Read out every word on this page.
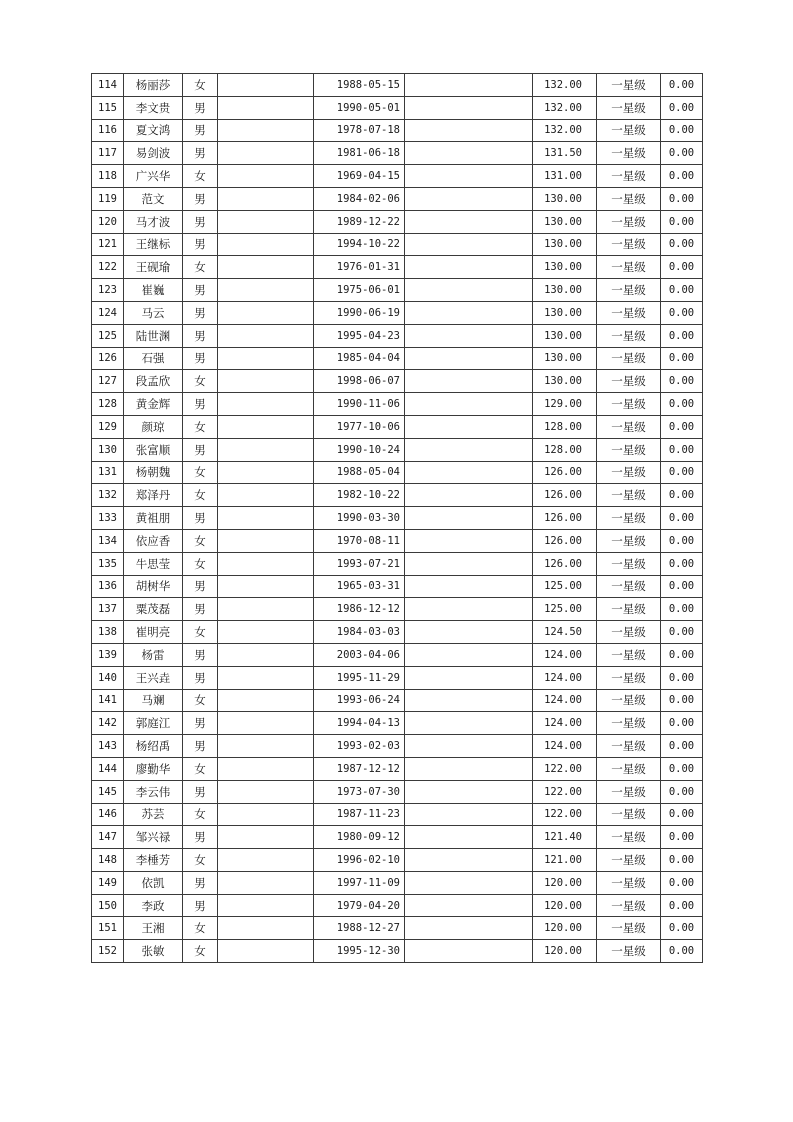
114	杨丽莎	女		1988-05-15		132.00	一星级	0.00
115	李文贵	男		1990-05-01		132.00	一星级	0.00
116	夏文鸿	男		1978-07-18		132.00	一星级	0.00
117	易剑波	男		1981-06-18		131.50	一星级	0.00
118	广兴华	女		1969-04-15		131.00	一星级	0.00
119	范文	男		1984-02-06		130.00	一星级	0.00
120	马才波	男		1989-12-22		130.00	一星级	0.00
121	王继标	男		1994-10-22		130.00	一星级	0.00
122	王砚瑜	女		1976-01-31		130.00	一星级	0.00
123	崔巍	男		1975-06-01		130.00	一星级	0.00
124	马云	男		1990-06-19		130.00	一星级	0.00
125	陆世渊	男		1995-04-23		130.00	一星级	0.00
126	石强	男		1985-04-04		130.00	一星级	0.00
127	段孟欣	女		1998-06-07		130.00	一星级	0.00
128	黄金辉	男		1990-11-06		129.00	一星级	0.00
129	颜琼	女		1977-10-06		128.00	一星级	0.00
130	张富顺	男		1990-10-24		128.00	一星级	0.00
131	杨朝魏	女		1988-05-04		126.00	一星级	0.00
132	郑泽丹	女		1982-10-22		126.00	一星级	0.00
133	黄祖朋	男		1990-03-30		126.00	一星级	0.00
134	依应香	女		1970-08-11		126.00	一星级	0.00
135	牛思莹	女		1993-07-21		126.00	一星级	0.00
136	胡树华	男		1965-03-31		125.00	一星级	0.00
137	粟茂磊	男		1986-12-12		125.00	一星级	0.00
138	崔明亮	女		1984-03-03		124.50	一星级	0.00
139	杨雷	男		2003-04-06		124.00	一星级	0.00
140	王兴垚	男		1995-11-29		124.00	一星级	0.00
141	马斓	女		1993-06-24		124.00	一星级	0.00
142	郭庭江	男		1994-04-13		124.00	一星级	0.00
143	杨绍禹	男		1993-02-03		124.00	一星级	0.00
144	廖勤华	女		1987-12-12		122.00	一星级	0.00
145	李云伟	男		1973-07-30		122.00	一星级	0.00
146	苏芸	女		1987-11-23		122.00	一星级	0.00
147	邹兴禄	男		1980-09-12		121.40	一星级	0.00
148	李棰芳	女		1996-02-10		121.00	一星级	0.00
149	依凯	男		1997-11-09		120.00	一星级	0.00
150	李政	男		1979-04-20		120.00	一星级	0.00
151	王湘	女		1988-12-27		120.00	一星级	0.00
152	张敏	女		1995-12-30		120.00	一星级	0.00
